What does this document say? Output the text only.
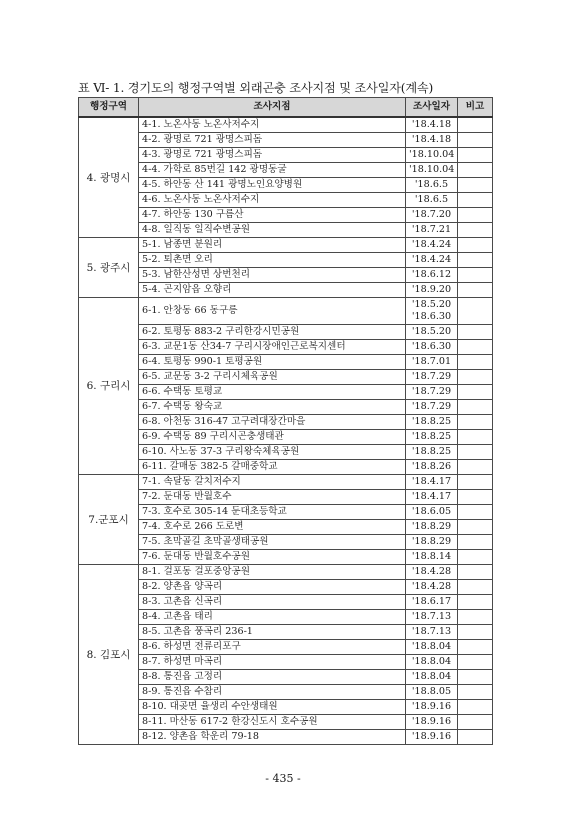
표 Ⅵ- 1. 경기도의 행정구역별 외래곤충 조사지점 및 조사일자(계속)
행정구역	조사지점	조사일자	비고
4. 광명시	4-1. 노온사동 노온사저수지	'18.4.18	
	4-2. 광명로 721 광명스피돔	'18.4.18	
	4-3. 광명로 721 광명스피돔	'18.10.04	
	4-4. 가학로 85번길 142 광명동굴	'18.10.04	
	4-5. 하안동 산 141 광명노인요양병원	'18.6.5	
	4-6. 노온사동 노온사저수지	'18.6.5	
	4-7. 하안동 130 구름산	'18.7.20	
	4-8. 일직동 일직수변공원	'18.7.21	
5. 광주시	5-1. 남종면 분원리	'18.4.24	
	5-2. 퇴촌면 오리	'18.4.24	
	5-3. 남한산성면 상번천리	'18.6.12	
	5-4. 곤지암읍 오향리	'18.9.20	
6. 구리시	6-1. 안창동 66 동구릉	'18.5.20
'18.6.30	

	6-2. 토평동 883-2 구리한강시민공원	'18.5.20	
	6-3. 교문1동 산34-7 구리시장애인근로복지센터	'18.6.30	
	6-4. 토평동 990-1 토평공원	'18.7.01	
	6-5. 교문동 3-2 구리시체육공원	'18.7.29	
	6-6. 수택동 토평교	'18.7.29	
	6-7. 수택동 왕숙교	'18.7.29	
	6-8. 아천동 316-47 고구려대장간마을	'18.8.25	
	6-9. 수택동 89 구리시곤충생태관	'18.8.25	
	6-10. 사노동 37-3 구리왕숙체육공원	'18.8.25	
	6-11. 갈매동 382-5 갈매중학교	'18.8.26	
7.군포시	7-1. 속달동 갈치저수지	'18.4.17	
	7-2. 둔대동 반월호수	'18.4.17	
	7-3. 호수로 305-14 둔대초등학교	'18.6.05	
	7-4. 호수로 266 도로변	'18.8.29	
	7-5. 초막골길 초막골생태공원	'18.8.29	
	7-6. 둔대동 반월호수공원	'18.8.14	
8. 김포시	8-1. 걸포동 걸포중앙공원	'18.4.28	
	8-2. 양촌읍 양곡리	'18.4.28	
	8-3. 고촌읍 신곡리	'18.6.17	
	8-4. 고촌읍 태리	'18.7.13	
	8-5. 고촌읍 풍곡리 236-1	'18.7.13	
	8-6. 하성면 전류리포구	'18.8.04	
	8-7. 하성면 마곡리	'18.8.04	
	8-8. 통진읍 고정리	'18.8.04	
	8-9. 통진읍 수참리	'18.8.05	
	8-10. 대곶면 율생리 수안생태원	'18.9.16	
	8-11. 마산동 617-2 한강신도시 호수공원	'18.9.16	
	8-12. 양촌읍 학운리 79-18	'18.9.16	
- 435 -
